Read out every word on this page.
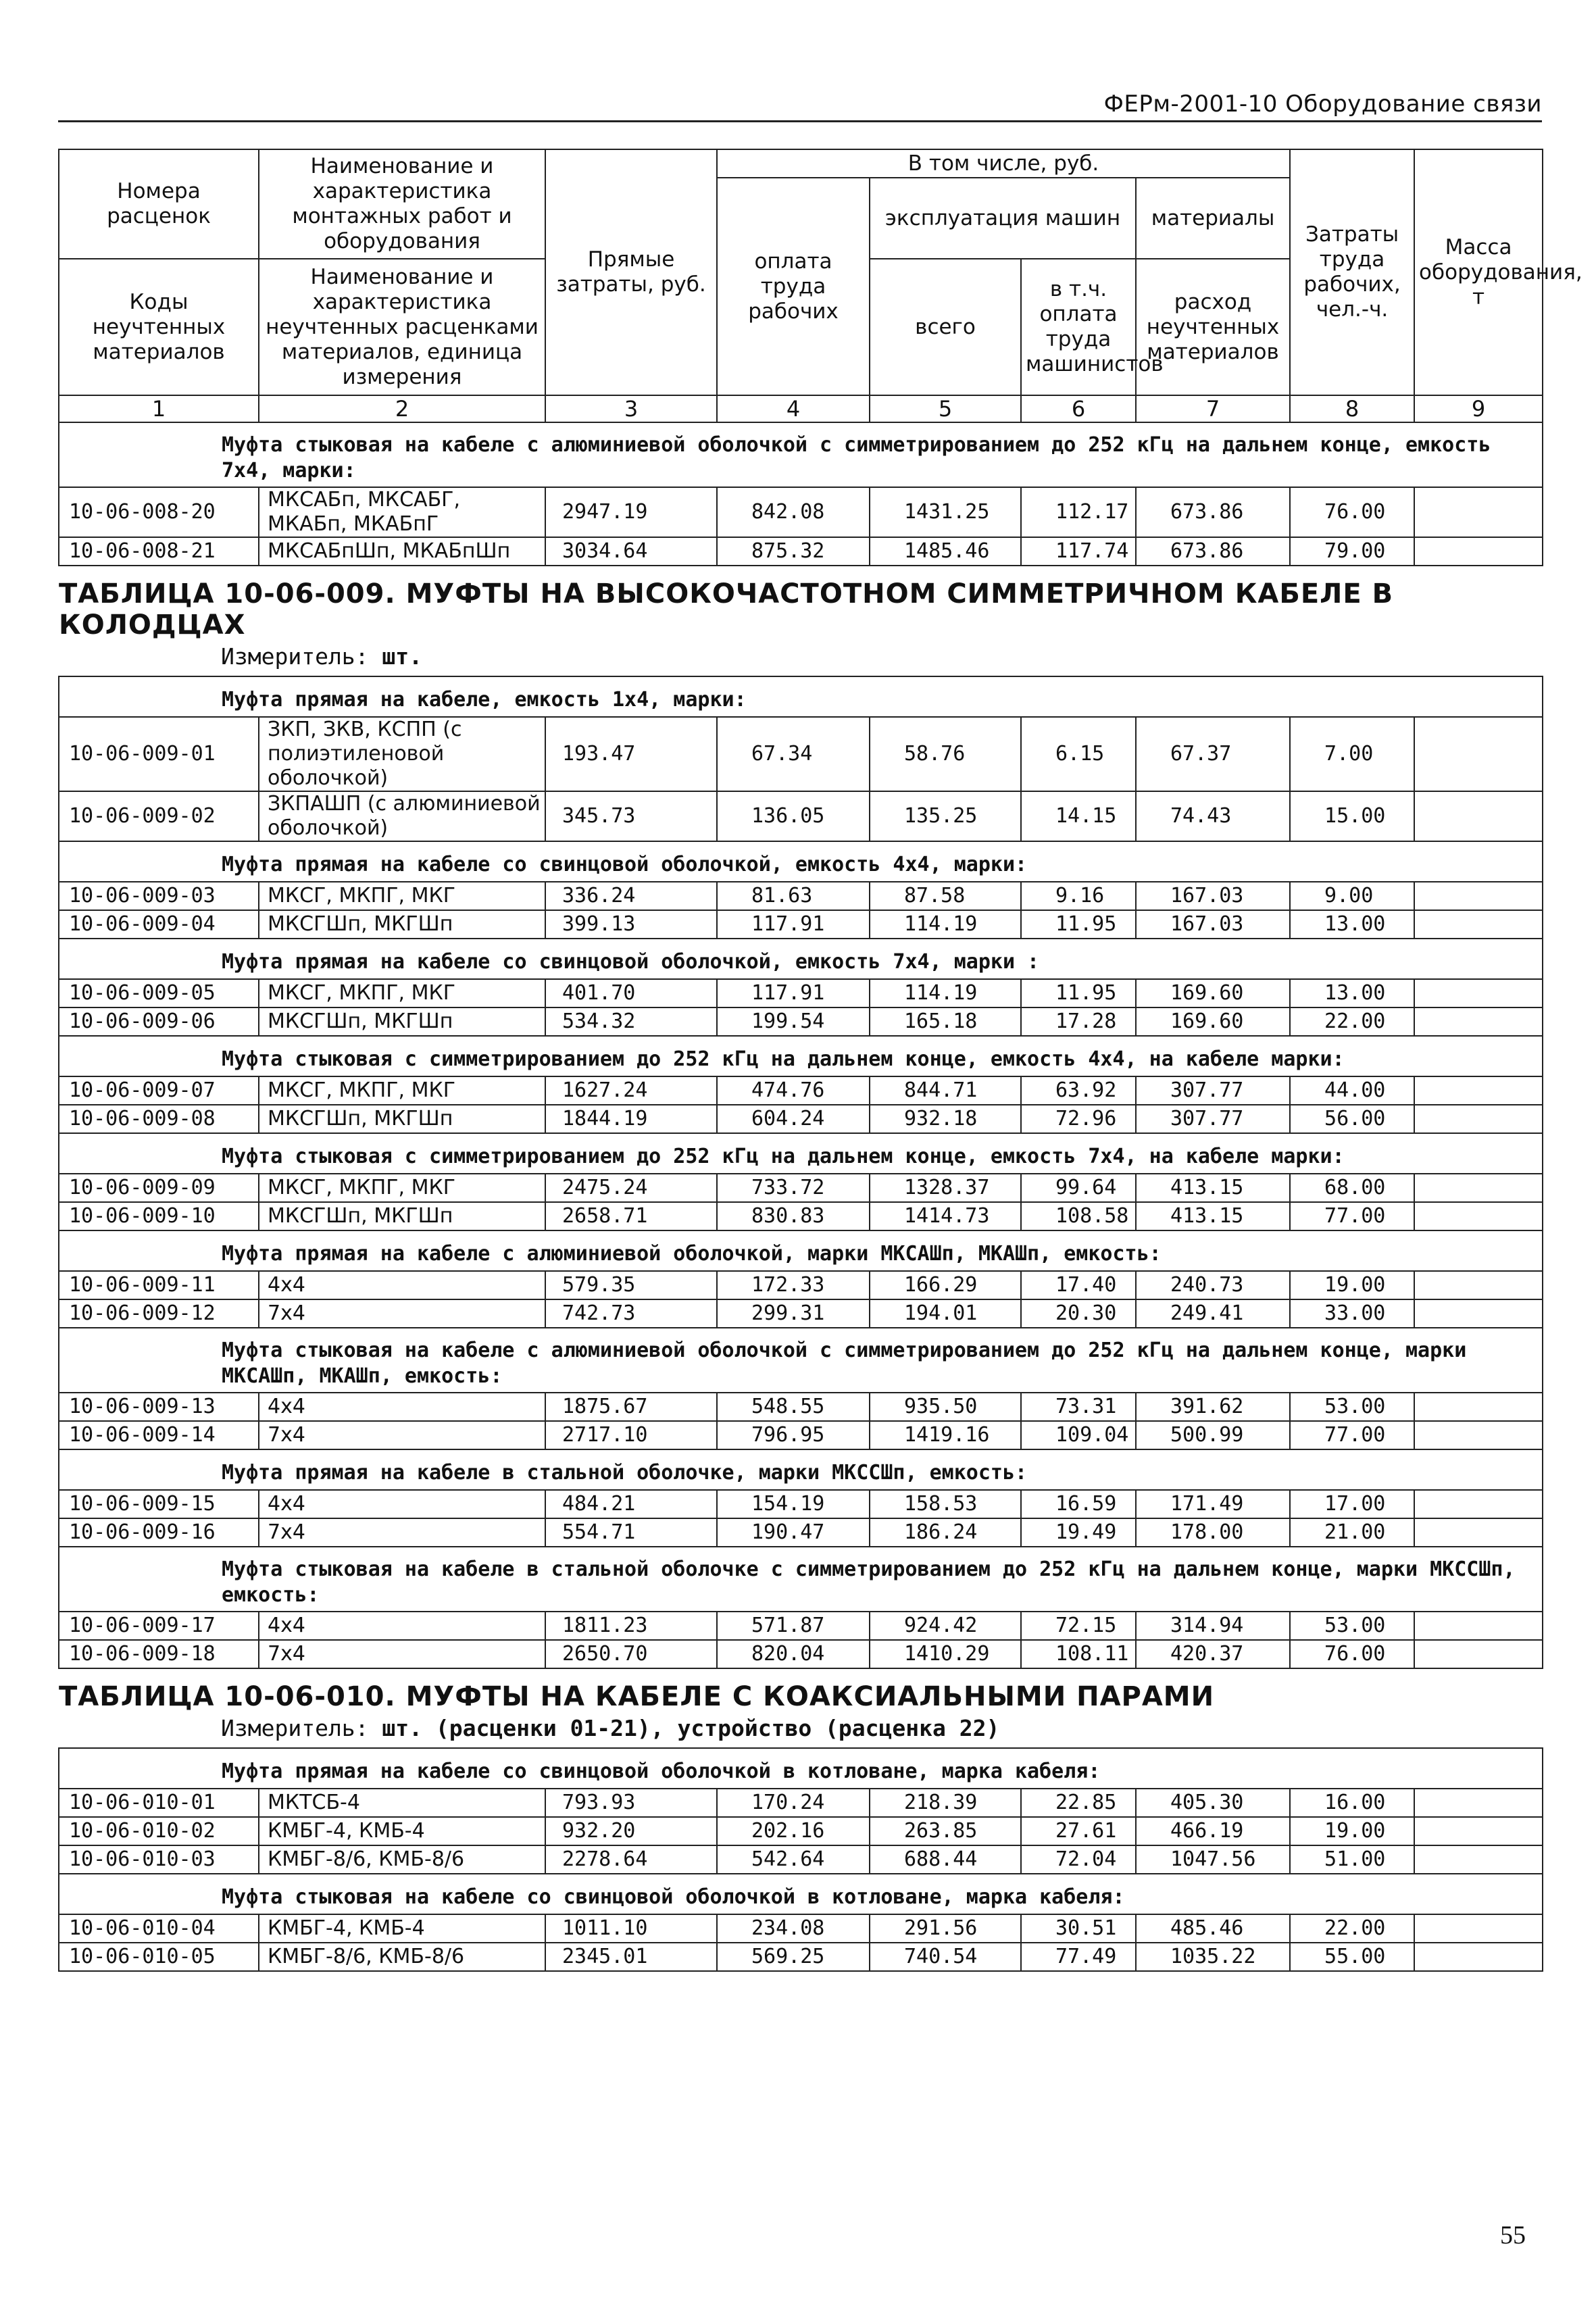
ФЕРм-2001-10 Оборудование связи
Номера расценок	Наименование и характеристика монтажных работ и оборудования	Прямые затраты, руб.	В том числе, руб.				Затраты труда рабочих, чел.-ч.	Масса оборудования, т
			оплата труда рабочих	эксплуатация машин		материалы		
Коды неучтенных материалов	Наименование и характеристика неучтенных расценками материалов, единица измерения			всего	в т.ч. оплата труда машинистов	расход неучтенных материалов		

1	2	3	4	5	6	7	8	9
Муфта стыковая на кабеле с алюминиевой оболочкой с симметрированием до 252 кГц на дальнем конце, емкость 7х4, марки:								
10-06-008-20	МКСАБп, МКСАБГ, МКАБп, МКАБпГ	2947.19	842.08	1431.25	112.17	673.86	76.00	
10-06-008-21	МКСАБпШп, МКАБпШп	3034.64	875.32	1485.46	117.74	673.86	79.00	
ТАБЛИЦА 10-06-009. МУФТЫ НА ВЫСОКОЧАСТОТНОМ СИММЕТРИЧНОМ КАБЕЛЕ В КОЛОДЦАХ								
Измеритель: шт.								
Муфта прямая на кабеле, емкость 1х4, марки:								
10-06-009-01	ЗКП, ЗКВ, КСПП (с полиэтиленовой оболочкой)	193.47	67.34	58.76	6.15	67.37	7.00	
10-06-009-02	ЗКПАШП (с алюминиевой оболочкой)	345.73	136.05	135.25	14.15	74.43	15.00	
Муфта прямая на кабеле со свинцовой оболочкой, емкость 4х4, марки:								
10-06-009-03	МКСГ, МКПГ, МКГ	336.24	81.63	87.58	9.16	167.03	9.00	
10-06-009-04	МКСГШп, МКГШп	399.13	117.91	114.19	11.95	167.03	13.00	
Муфта прямая на кабеле со свинцовой оболочкой, емкость 7х4, марки :								
10-06-009-05	МКСГ, МКПГ, МКГ	401.70	117.91	114.19	11.95	169.60	13.00	
10-06-009-06	МКСГШп, МКГШп	534.32	199.54	165.18	17.28	169.60	22.00	
Муфта стыковая с симметрированием до 252 кГц на дальнем конце, емкость 4х4, на кабеле марки:								
10-06-009-07	МКСГ, МКПГ, МКГ	1627.24	474.76	844.71	63.92	307.77	44.00	
10-06-009-08	МКСГШп, МКГШп	1844.19	604.24	932.18	72.96	307.77	56.00	
Муфта стыковая с симметрированием до 252 кГц на дальнем конце, емкость 7х4, на кабеле марки:								
10-06-009-09	МКСГ, МКПГ, МКГ	2475.24	733.72	1328.37	99.64	413.15	68.00	
10-06-009-10	МКСГШп, МКГШп	2658.71	830.83	1414.73	108.58	413.15	77.00	
Муфта прямая на кабеле с алюминиевой оболочкой, марки МКСАШп, МКАШп, емкость:								
10-06-009-11	4х4	579.35	172.33	166.29	17.40	240.73	19.00	
10-06-009-12	7х4	742.73	299.31	194.01	20.30	249.41	33.00	
Муфта стыковая на кабеле с алюминиевой оболочкой с симметрированием до 252 кГц на дальнем конце, марки МКСАШп, МКАШп, емкость:								
10-06-009-13	4х4	1875.67	548.55	935.50	73.31	391.62	53.00	
10-06-009-14	7х4	2717.10	796.95	1419.16	109.04	500.99	77.00	
Муфта прямая на кабеле в стальной оболочке, марки МКССШп, емкость:								
10-06-009-15	4х4	484.21	154.19	158.53	16.59	171.49	17.00	
10-06-009-16	7х4	554.71	190.47	186.24	19.49	178.00	21.00	
Муфта стыковая на кабеле в стальной оболочке с симметрированием до 252 кГц на дальнем конце, марки МКССШп, емкость:								
10-06-009-17	4х4	1811.23	571.87	924.42	72.15	314.94	53.00	
10-06-009-18	7х4	2650.70	820.04	1410.29	108.11	420.37	76.00	
ТАБЛИЦА 10-06-010. МУФТЫ НА КАБЕЛЕ С КОАКСИАЛЬНЫМИ ПАРАМИ								
Измеритель: шт. (расценки 01-21), устройство (расценка 22)								
Муфта прямая на кабеле со свинцовой оболочкой в котловане, марка кабеля:								
10-06-010-01	МКТСБ-4	793.93	170.24	218.39	22.85	405.30	16.00	
10-06-010-02	КМБГ-4, КМБ-4	932.20	202.16	263.85	27.61	466.19	19.00	
10-06-010-03	КМБГ-8/6, КМБ-8/6	2278.64	542.64	688.44	72.04	1047.56	51.00	
Муфта стыковая на кабеле со свинцовой оболочкой в котловане, марка кабеля:								
10-06-010-04	КМБГ-4, КМБ-4	1011.10	234.08	291.56	30.51	485.46	22.00	
10-06-010-05	КМБГ-8/6, КМБ-8/6	2345.01	569.25	740.54	77.49	1035.22	55.00	
55
